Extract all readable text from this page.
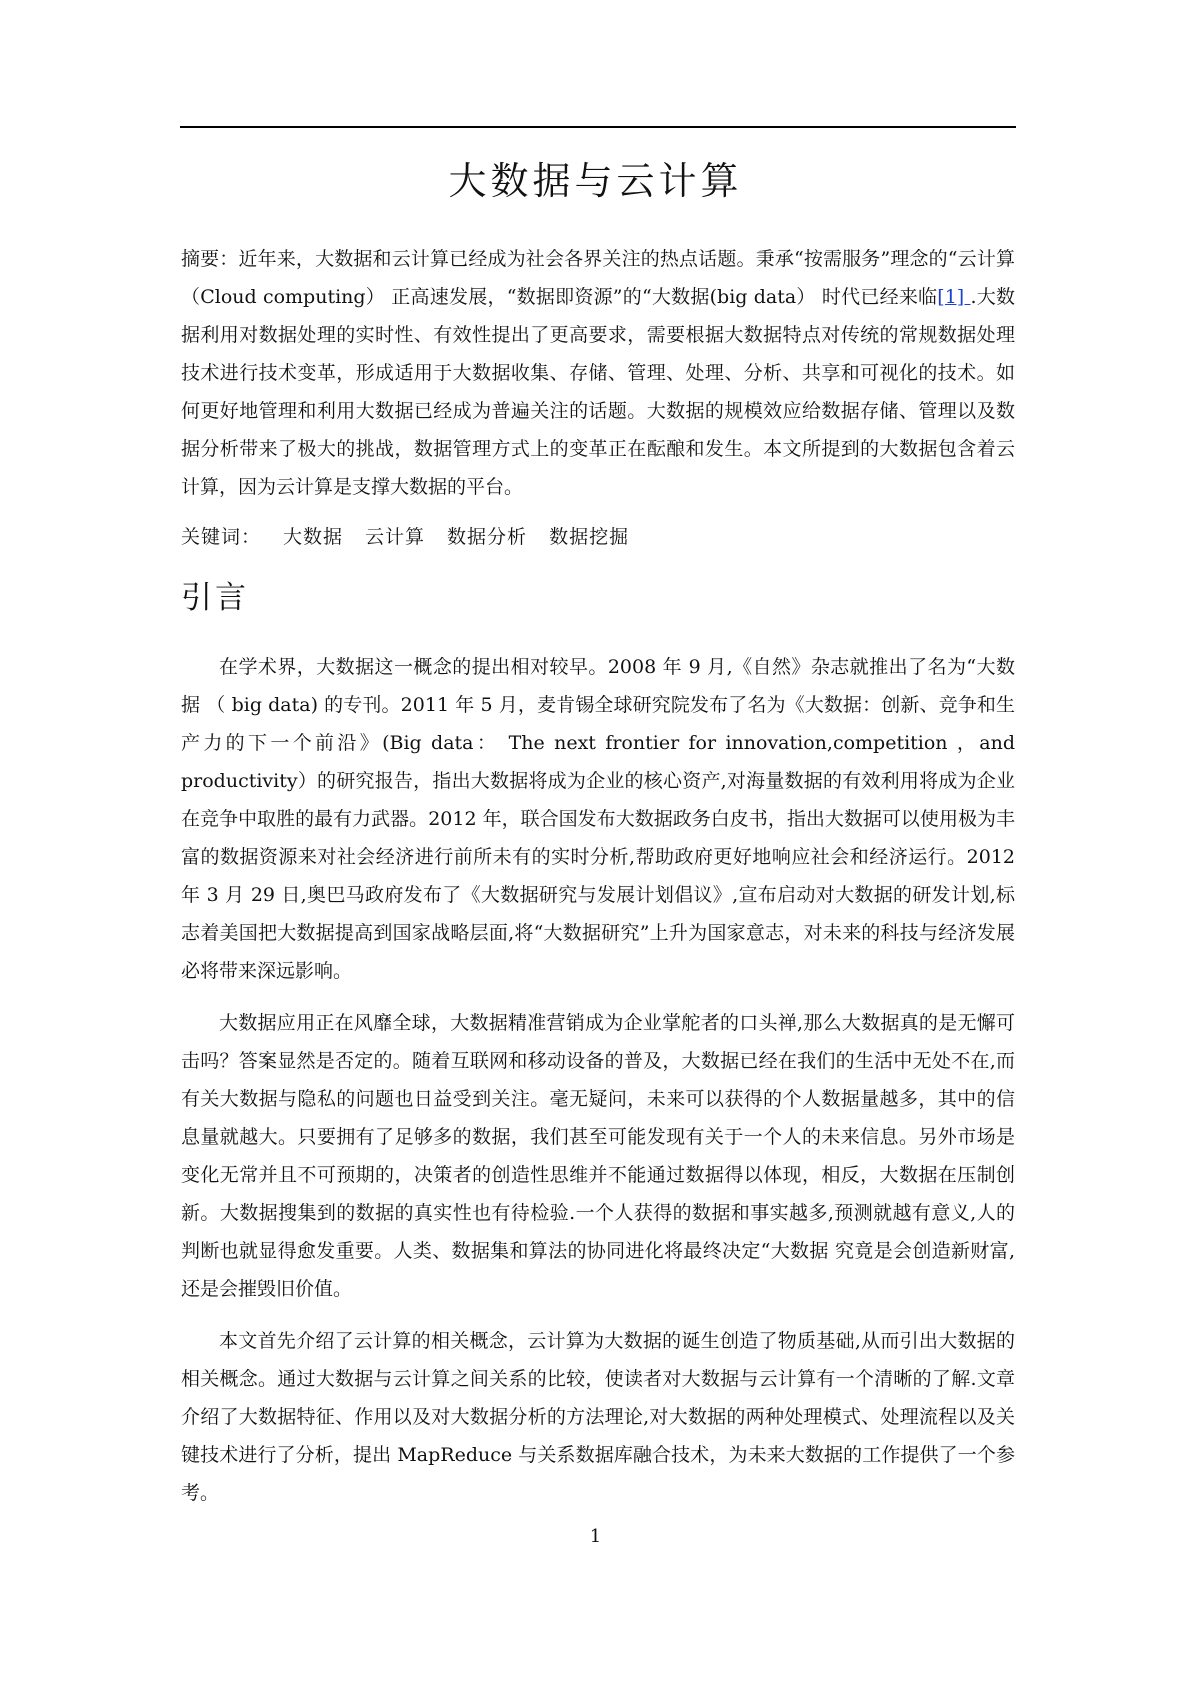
大数据与云计算

摘要：近年来，大数据和云计算已经成为社会各界关注的热点话题。秉承“按需服务”理念的“云计算（Cloud computing） 正高速发展，“数据即资源”的“大数据(big data） 时代已经来临[1] .大数据利用对数据处理的实时性、有效性提出了更高要求，需要根据大数据特点对传统的常规数据处理技术进行技术变革，形成适用于大数据收集、存储、管理、处理、分析、共享和可视化的技术。如何更好地管理和利用大数据已经成为普遍关注的话题。大数据的规模效应给数据存储、管理以及数据分析带来了极大的挑战，数据管理方式上的变革正在酝酿和发生。本文所提到的大数据包含着云计算，因为云计算是支撑大数据的平台。

关键词： 大数据 云计算 数据分析 数据挖掘

引言

在学术界，大数据这一概念的提出相对较早。2008 年 9 月,《自然》杂志就推出了名为“大数据 （ big data) 的专刊。2011 年 5 月，麦肯锡全球研究院发布了名为《大数据：创新、竞争和生产力的下一个前沿》(Big data： The next frontier for innovation,competition ，and productivity）的研究报告，指出大数据将成为企业的核心资产,对海量数据的有效利用将成为企业在竞争中取胜的最有力武器。2012 年，联合国发布大数据政务白皮书，指出大数据可以使用极为丰富的数据资源来对社会经济进行前所未有的实时分析,帮助政府更好地响应社会和经济运行。2012 年 3 月 29 日,奥巴马政府发布了《大数据研究与发展计划倡议》,宣布启动对大数据的研发计划,标志着美国把大数据提高到国家战略层面,将“大数据研究”上升为国家意志，对未来的科技与经济发展必将带来深远影响。

大数据应用正在风靡全球，大数据精准营销成为企业掌舵者的口头禅,那么大数据真的是无懈可击吗？答案显然是否定的。随着互联网和移动设备的普及，大数据已经在我们的生活中无处不在,而有关大数据与隐私的问题也日益受到关注。毫无疑问，未来可以获得的个人数据量越多，其中的信息量就越大。只要拥有了足够多的数据，我们甚至可能发现有关于一个人的未来信息。另外市场是变化无常并且不可预期的，决策者的创造性思维并不能通过数据得以体现，相反，大数据在压制创新。大数据搜集到的数据的真实性也有待检验.一个人获得的数据和事实越多,预测就越有意义,人的判断也就显得愈发重要。人类、数据集和算法的协同进化将最终决定“大数据 究竟是会创造新财富,还是会摧毁旧价值。

本文首先介绍了云计算的相关概念，云计算为大数据的诞生创造了物质基础,从而引出大数据的相关概念。通过大数据与云计算之间关系的比较，使读者对大数据与云计算有一个清晰的了解.文章介绍了大数据特征、作用以及对大数据分析的方法理论,对大数据的两种处理模式、处理流程以及关键技术进行了分析，提出 MapReduce 与关系数据库融合技术，为未来大数据的工作提供了一个参考。

1
